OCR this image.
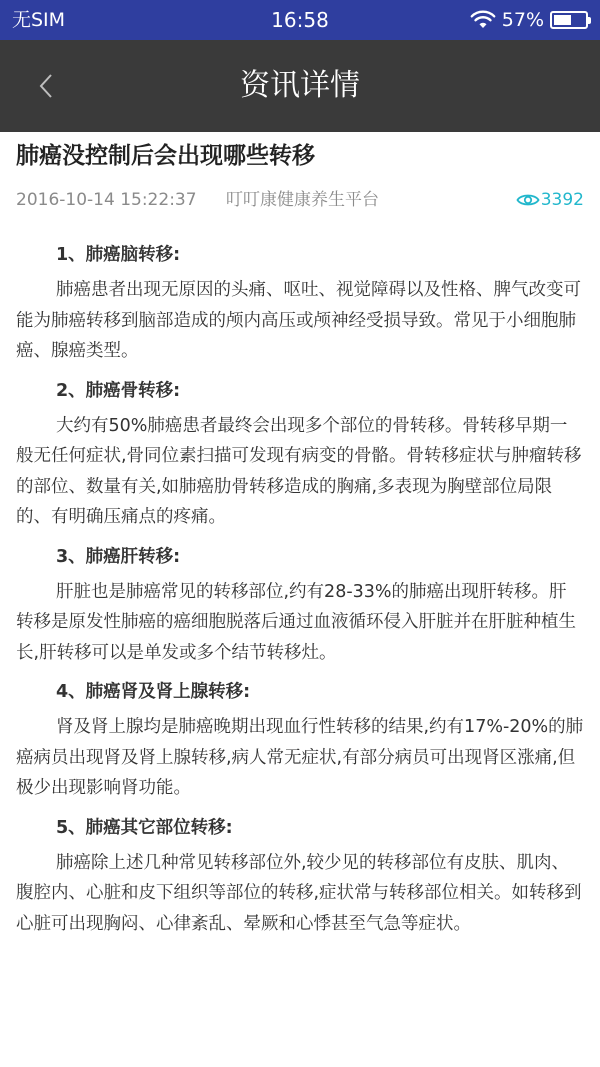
无SIM	16:58	57%
资讯详情
肺癌没控制后会出现哪些转移
2016-10-14 15:22:37 叮叮康健康养生平台	3392
1、肺癌脑转移:
肺癌患者出现无原因的头痛、呕吐、视觉障碍以及性格、脾气改变可能为肺癌转移到脑部造成的颅内高压或颅神经受损导致。常见于小细胞肺癌、腺癌类型。
2、肺癌骨转移:
大约有50%肺癌患者最终会出现多个部位的骨转移。骨转移早期一般无任何症状,骨同位素扫描可发现有病变的骨骼。骨转移症状与肿瘤转移的部位、数量有关,如肺癌肋骨转移造成的胸痛,多表现为胸壁部位局限的、有明确压痛点的疼痛。
3、肺癌肝转移:
肝脏也是肺癌常见的转移部位,约有28-33%的肺癌出现肝转移。肝转移是原发性肺癌的癌细胞脱落后通过血液循环侵入肝脏并在肝脏种植生长,肝转移可以是单发或多个结节转移灶。
4、肺癌肾及肾上腺转移:
肾及肾上腺均是肺癌晚期出现血行性转移的结果,约有17%-20%的肺癌病员出现肾及肾上腺转移,病人常无症状,有部分病员可出现肾区涨痛,但极少出现影响肾功能。
5、肺癌其它部位转移:
肺癌除上述几种常见转移部位外,较少见的转移部位有皮肤、肌肉、腹腔内、心脏和皮下组织等部位的转移,症状常与转移部位相关。如转移到心脏可出现胸闷、心律紊乱、晕厥和心悸甚至气急等症状。
